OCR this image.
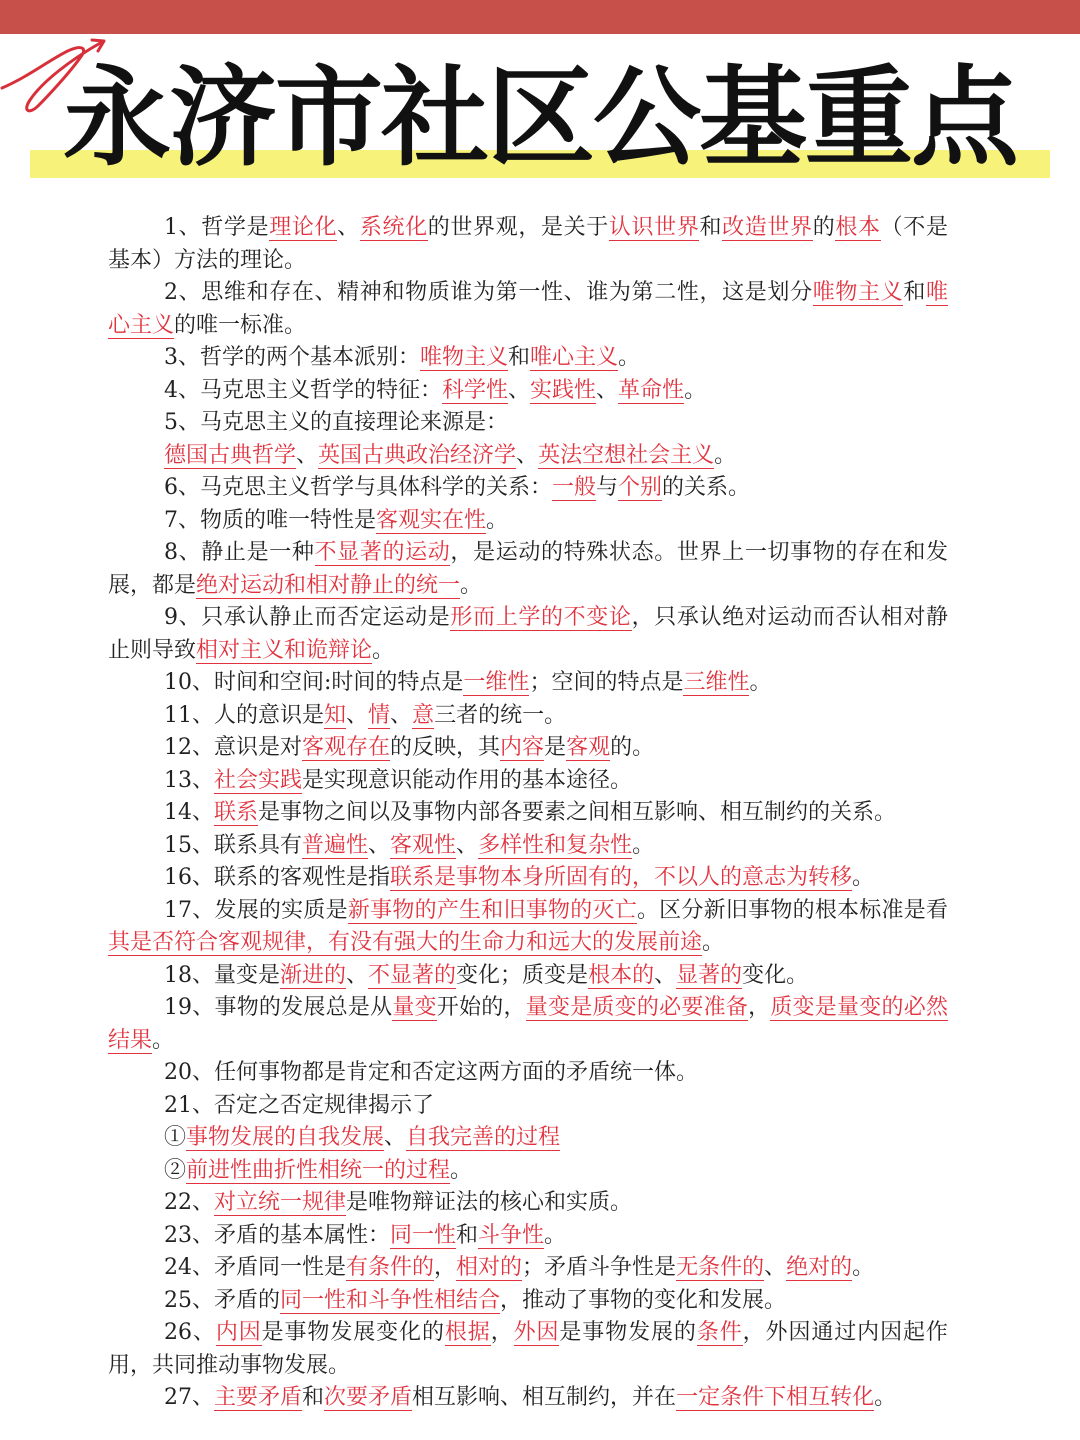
永济市社区公基重点

1、哲学是理论化、系统化的世界观，是关于认识世界和改造世界的根本（不是基本）方法的理论。

2、思维和存在、精神和物质谁为第一性、谁为第二性，这是划分唯物主义和唯心主义的唯一标准。

3、哲学的两个基本派别：唯物主义和唯心主义。

4、马克思主义哲学的特征：科学性、实践性、革命性。

5、马克思主义的直接理论来源是：

德国古典哲学、英国古典政治经济学、英法空想社会主义。

6、马克思主义哲学与具体科学的关系：一般与个别的关系。

7、物质的唯一特性是客观实在性。

8、静止是一种不显著的运动，是运动的特殊状态。世界上一切事物的存在和发展，都是绝对运动和相对静止的统一。

9、只承认静止而否定运动是形而上学的不变论，只承认绝对运动而否认相对静止则导致相对主义和诡辩论。

10、时间和空间:时间的特点是一维性；空间的特点是三维性。

11、人的意识是知、情、意三者的统一。

12、意识是对客观存在的反映，其内容是客观的。

13、社会实践是实现意识能动作用的基本途径。

14、联系是事物之间以及事物内部各要素之间相互影响、相互制约的关系。

15、联系具有普遍性、客观性、多样性和复杂性。

16、联系的客观性是指联系是事物本身所固有的，不以人的意志为转移。

17、发展的实质是新事物的产生和旧事物的灭亡。区分新旧事物的根本标准是看其是否符合客观规律，有没有强大的生命力和远大的发展前途。

18、量变是渐进的、不显著的变化；质变是根本的、显著的变化。

19、事物的发展总是从量变开始的，量变是质变的必要准备，质变是量变的必然结果。

20、任何事物都是肯定和否定这两方面的矛盾统一体。

21、否定之否定规律揭示了

①事物发展的自我发展、自我完善的过程

②前进性曲折性相统一的过程。

22、对立统一规律是唯物辩证法的核心和实质。

23、矛盾的基本属性：同一性和斗争性。

24、矛盾同一性是有条件的，相对的；矛盾斗争性是无条件的、绝对的。

25、矛盾的同一性和斗争性相结合，推动了事物的变化和发展。

26、内因是事物发展变化的根据，外因是事物发展的条件，外因通过内因起作用，共同推动事物发展。

27、主要矛盾和次要矛盾相互影响、相互制约，并在一定条件下相互转化。
